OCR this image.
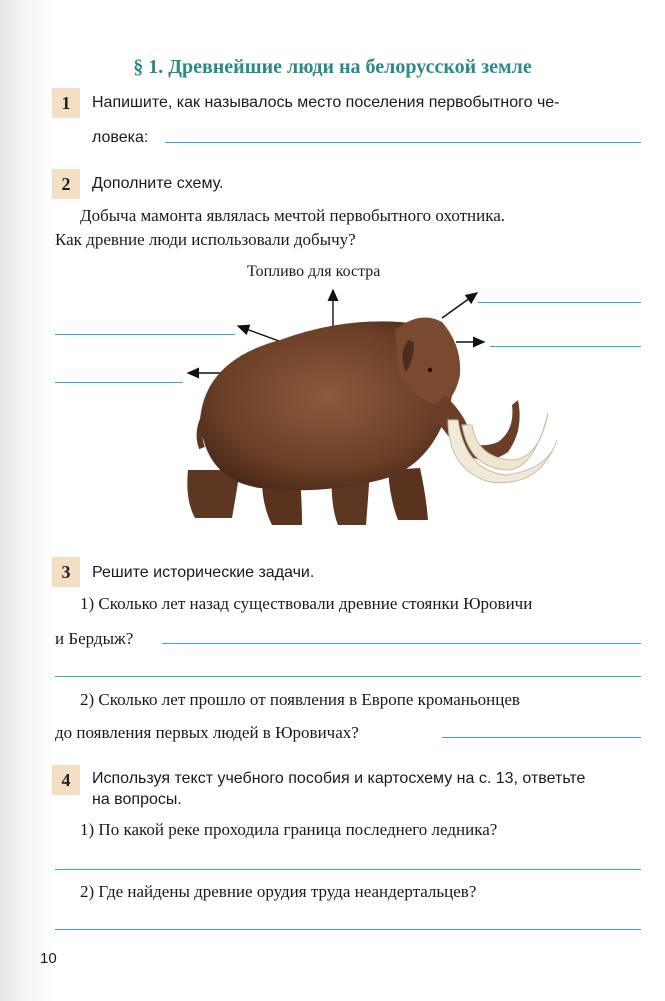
§ 1. Древнейшие люди на белорусской земле
1	Напишите, как называлось место поселения первобытного че-
ловека:
2	Дополните схему.
Добыча мамонта являлась мечтой первобытного охотника.
Как древние люди использовали добычу?
Топливо для костра
3	Решите исторические задачи.
1) Сколько лет назад существовали древние стоянки Юровичи
и Бердыж?
2) Сколько лет прошло от появления в Европе кроманьонцев
до появления первых людей в Юровичах?
4	Используя текст учебного пособия и картосхему на с. 13, ответьте
на вопросы.
1) По какой реке проходила граница последнего ледника?
2) Где найдены древние орудия труда неандертальцев?
10
